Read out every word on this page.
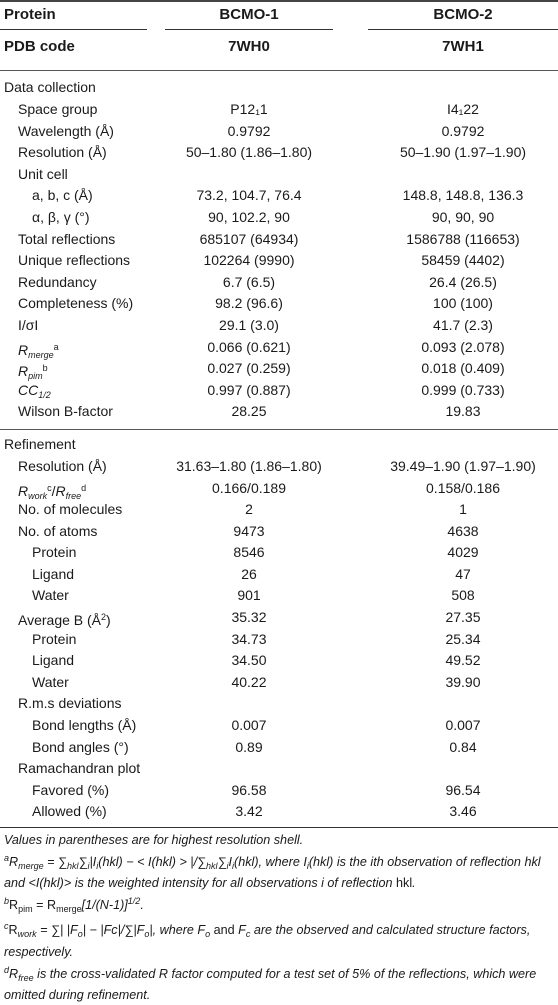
Protein	BCMO-1	BCMO-2
PDB code	7WH0	7WH1
Data collection
Space group	P12₁1	I4₁22
Wavelength (Å)	0.9792	0.9792
Resolution (Å)	50–1.80 (1.86–1.80)	50–1.90 (1.97–1.90)
Unit cell
a, b, c (Å)	73.2, 104.7, 76.4	148.8, 148.8, 136.3
α, β, γ (°)	90, 102.2, 90	90, 90, 90
Total reflections	685107 (64934)	1586788 (116653)
Unique reflections	102264 (9990)	58459 (4402)
Redundancy	6.7 (6.5)	26.4 (26.5)
Completeness (%)	98.2 (96.6)	100 (100)
I/σI	29.1 (3.0)	41.7 (2.3)
$R_{merge}^a$	0.066 (0.621)	0.093 (2.078)
$R_{pim}^b$	0.027 (0.259)	0.018 (0.409)
$CC_{1/2}$	0.997 (0.887)	0.999 (0.733)
Wilson B-factor	28.25	19.83
Refinement
Resolution (Å)	31.63–1.80 (1.86–1.80)	39.49–1.90 (1.97–1.90)
$R_{work}^c/R_{free}^d$	0.166/0.189	0.158/0.186
No. of molecules	2	1
No. of atoms	9473	4638
Protein	8546	4029
Ligand	26	47
Water	901	508
Average B $(Å^2)$	35.32	27.35
Protein	34.73	25.34
Ligand	34.50	49.52
Water	40.22	39.90
R.m.s deviations
Bond lengths (Å)	0.007	0.007
Bond angles (°)	0.89	0.84
Ramachandran plot
Favored (%)	96.58	96.54
Allowed (%)	3.42	3.46

Values in parentheses are for highest resolution shell.

$^aR_{merge} = \sum_{hkl}\sum_i|I_i(hkl)$ − < $I(hkl) > |/\sum_{hkl}\sum_iI_i(hkl)$, where $I_i(hkl)$ is the ith observation of reflection hkl and <I(hkl)> is the weighted intensity for all observations i of reflection hkl.

$^bR_{pim} = R_{merge}[1/(N-1)]^{1/2}$.

$^cR_{work}$ = ∑| $|F_o| - |Fc|/\sum|F_o|$, where $F_o$ and $F_c$ are the observed and calculated structure factors, respectively.

$^dR_{free}$ is the cross-validated R factor computed for a test set of 5% of the reflections, which were omitted during refinement.
